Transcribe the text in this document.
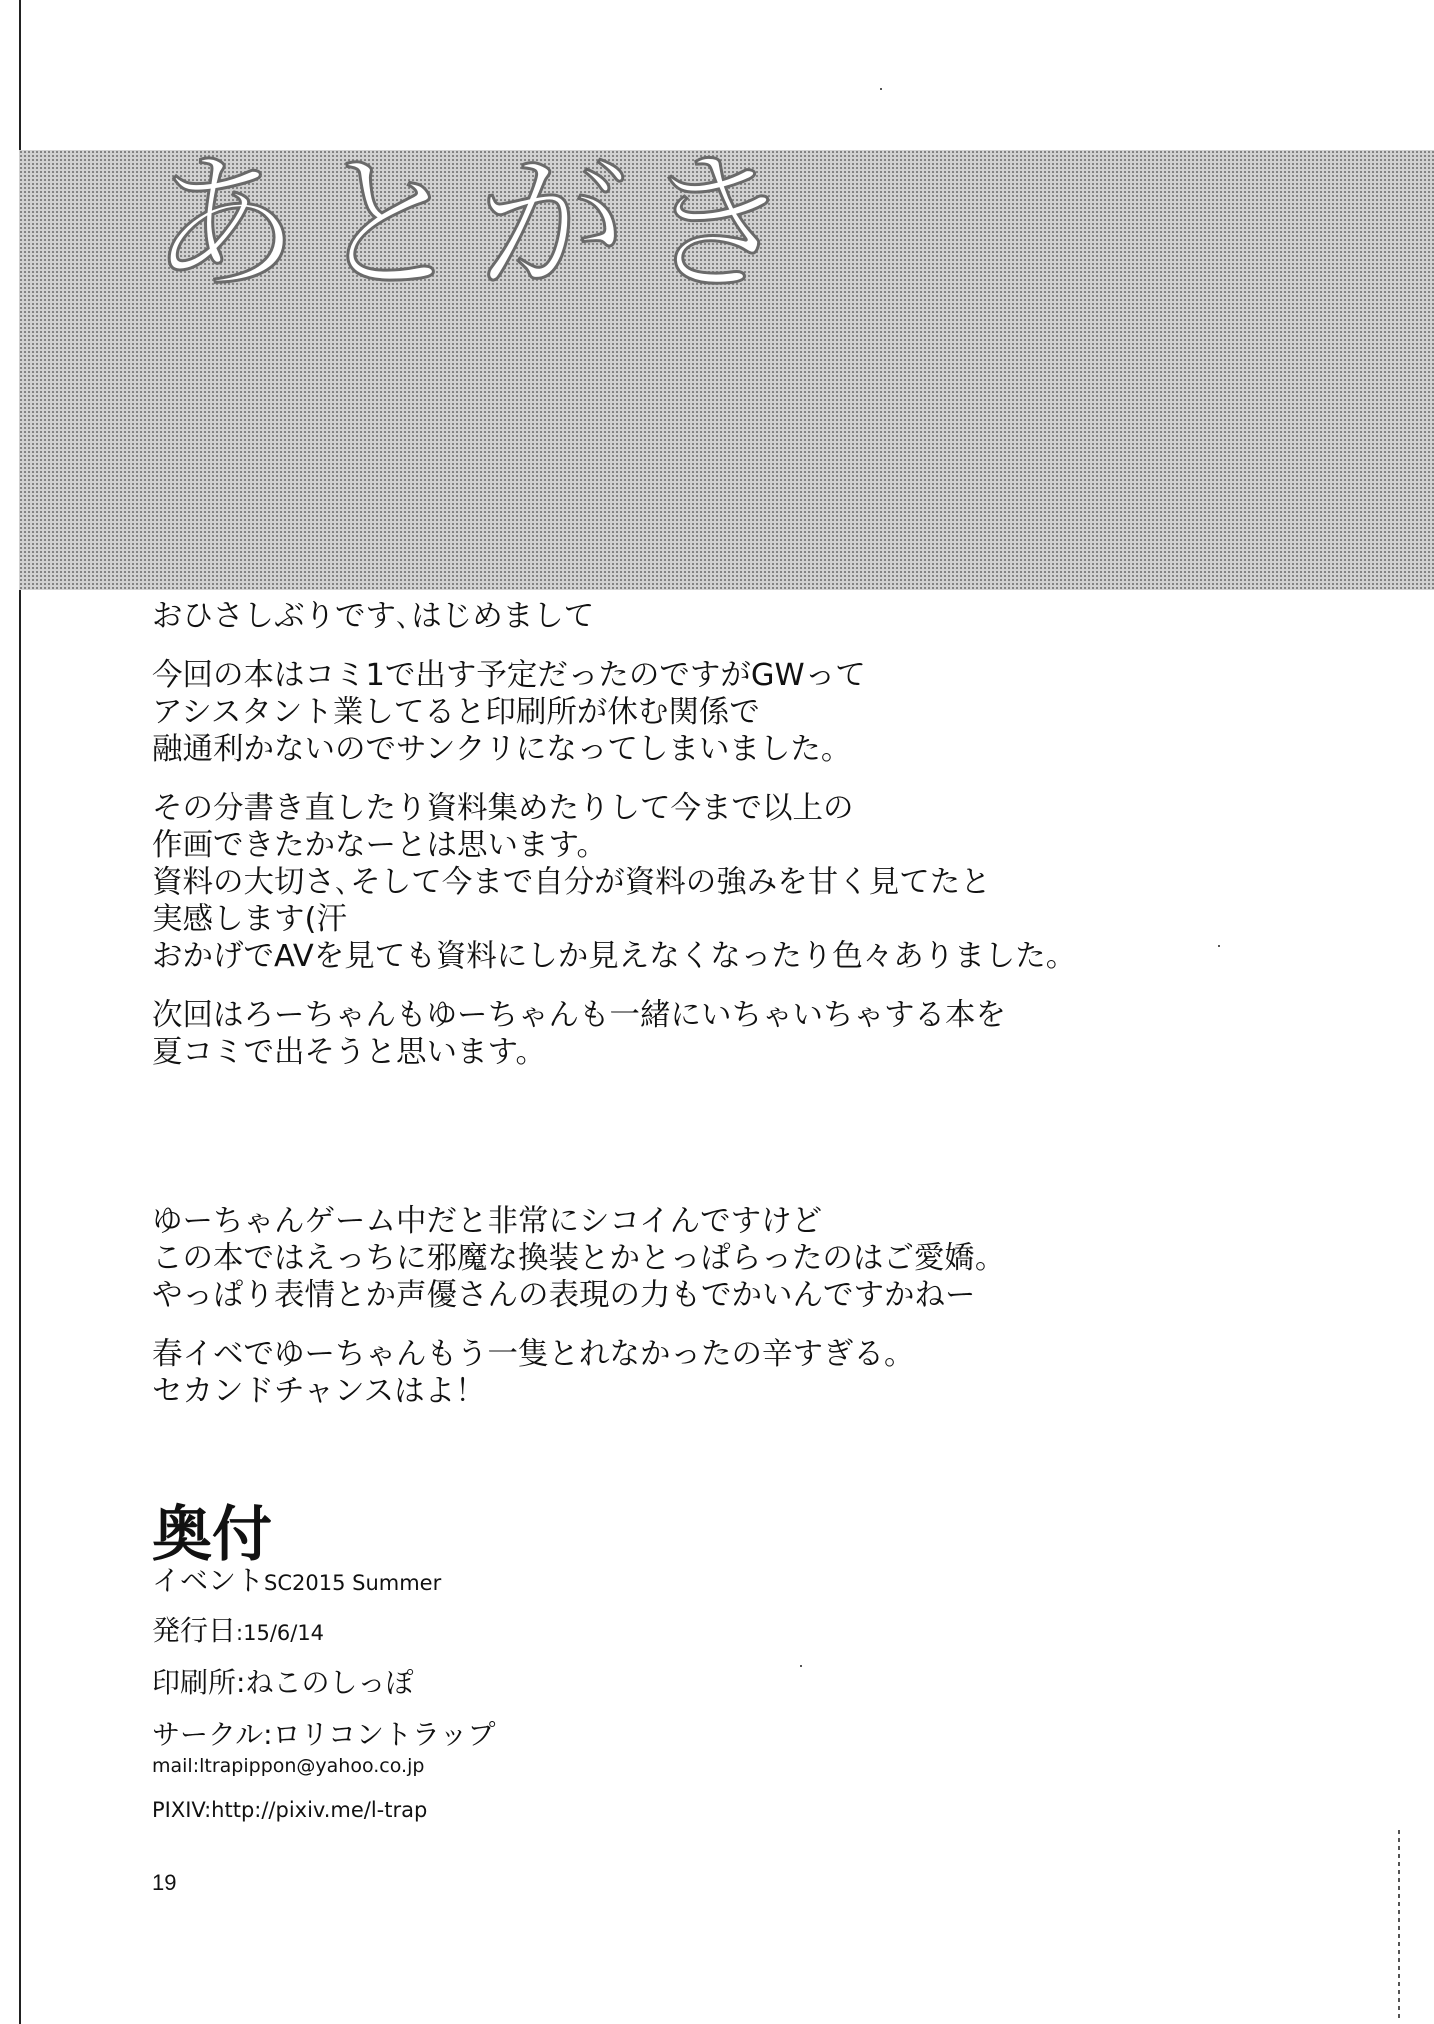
あとがき
おひさしぶりです､はじめまして
今回の本はコミ1で出す予定だったのですがGWって
アシスタント業してると印刷所が休む関係で
融通利かないのでサンクリになってしまいました。
その分書き直したり資料集めたりして今まで以上の
作画できたかなーとは思います。
資料の大切さ､そして今まで自分が資料の強みを甘く見てたと
実感します(汗
おかげでAVを見ても資料にしか見えなくなったり色々ありました。
次回はろーちゃんもゆーちゃんも一緒にいちゃいちゃする本を
夏コミで出そうと思います。
ゆーちゃんゲーム中だと非常にシコイんですけど
この本ではえっちに邪魔な換装とかとっぱらったのはご愛嬌。
やっぱり表情とか声優さんの表現の力もでかいんですかねー
春イベでゆーちゃんもう一隻とれなかったの辛すぎる。
セカンドチャンスはよ！
奥付
イベントSC2015 Summer
発行日:15/6/14
印刷所:ねこのしっぽ
サークル:ロリコントラップ
mail:ltrapippon@yahoo.co.jp
PIXIV:http://pixiv.me/l-trap
19
